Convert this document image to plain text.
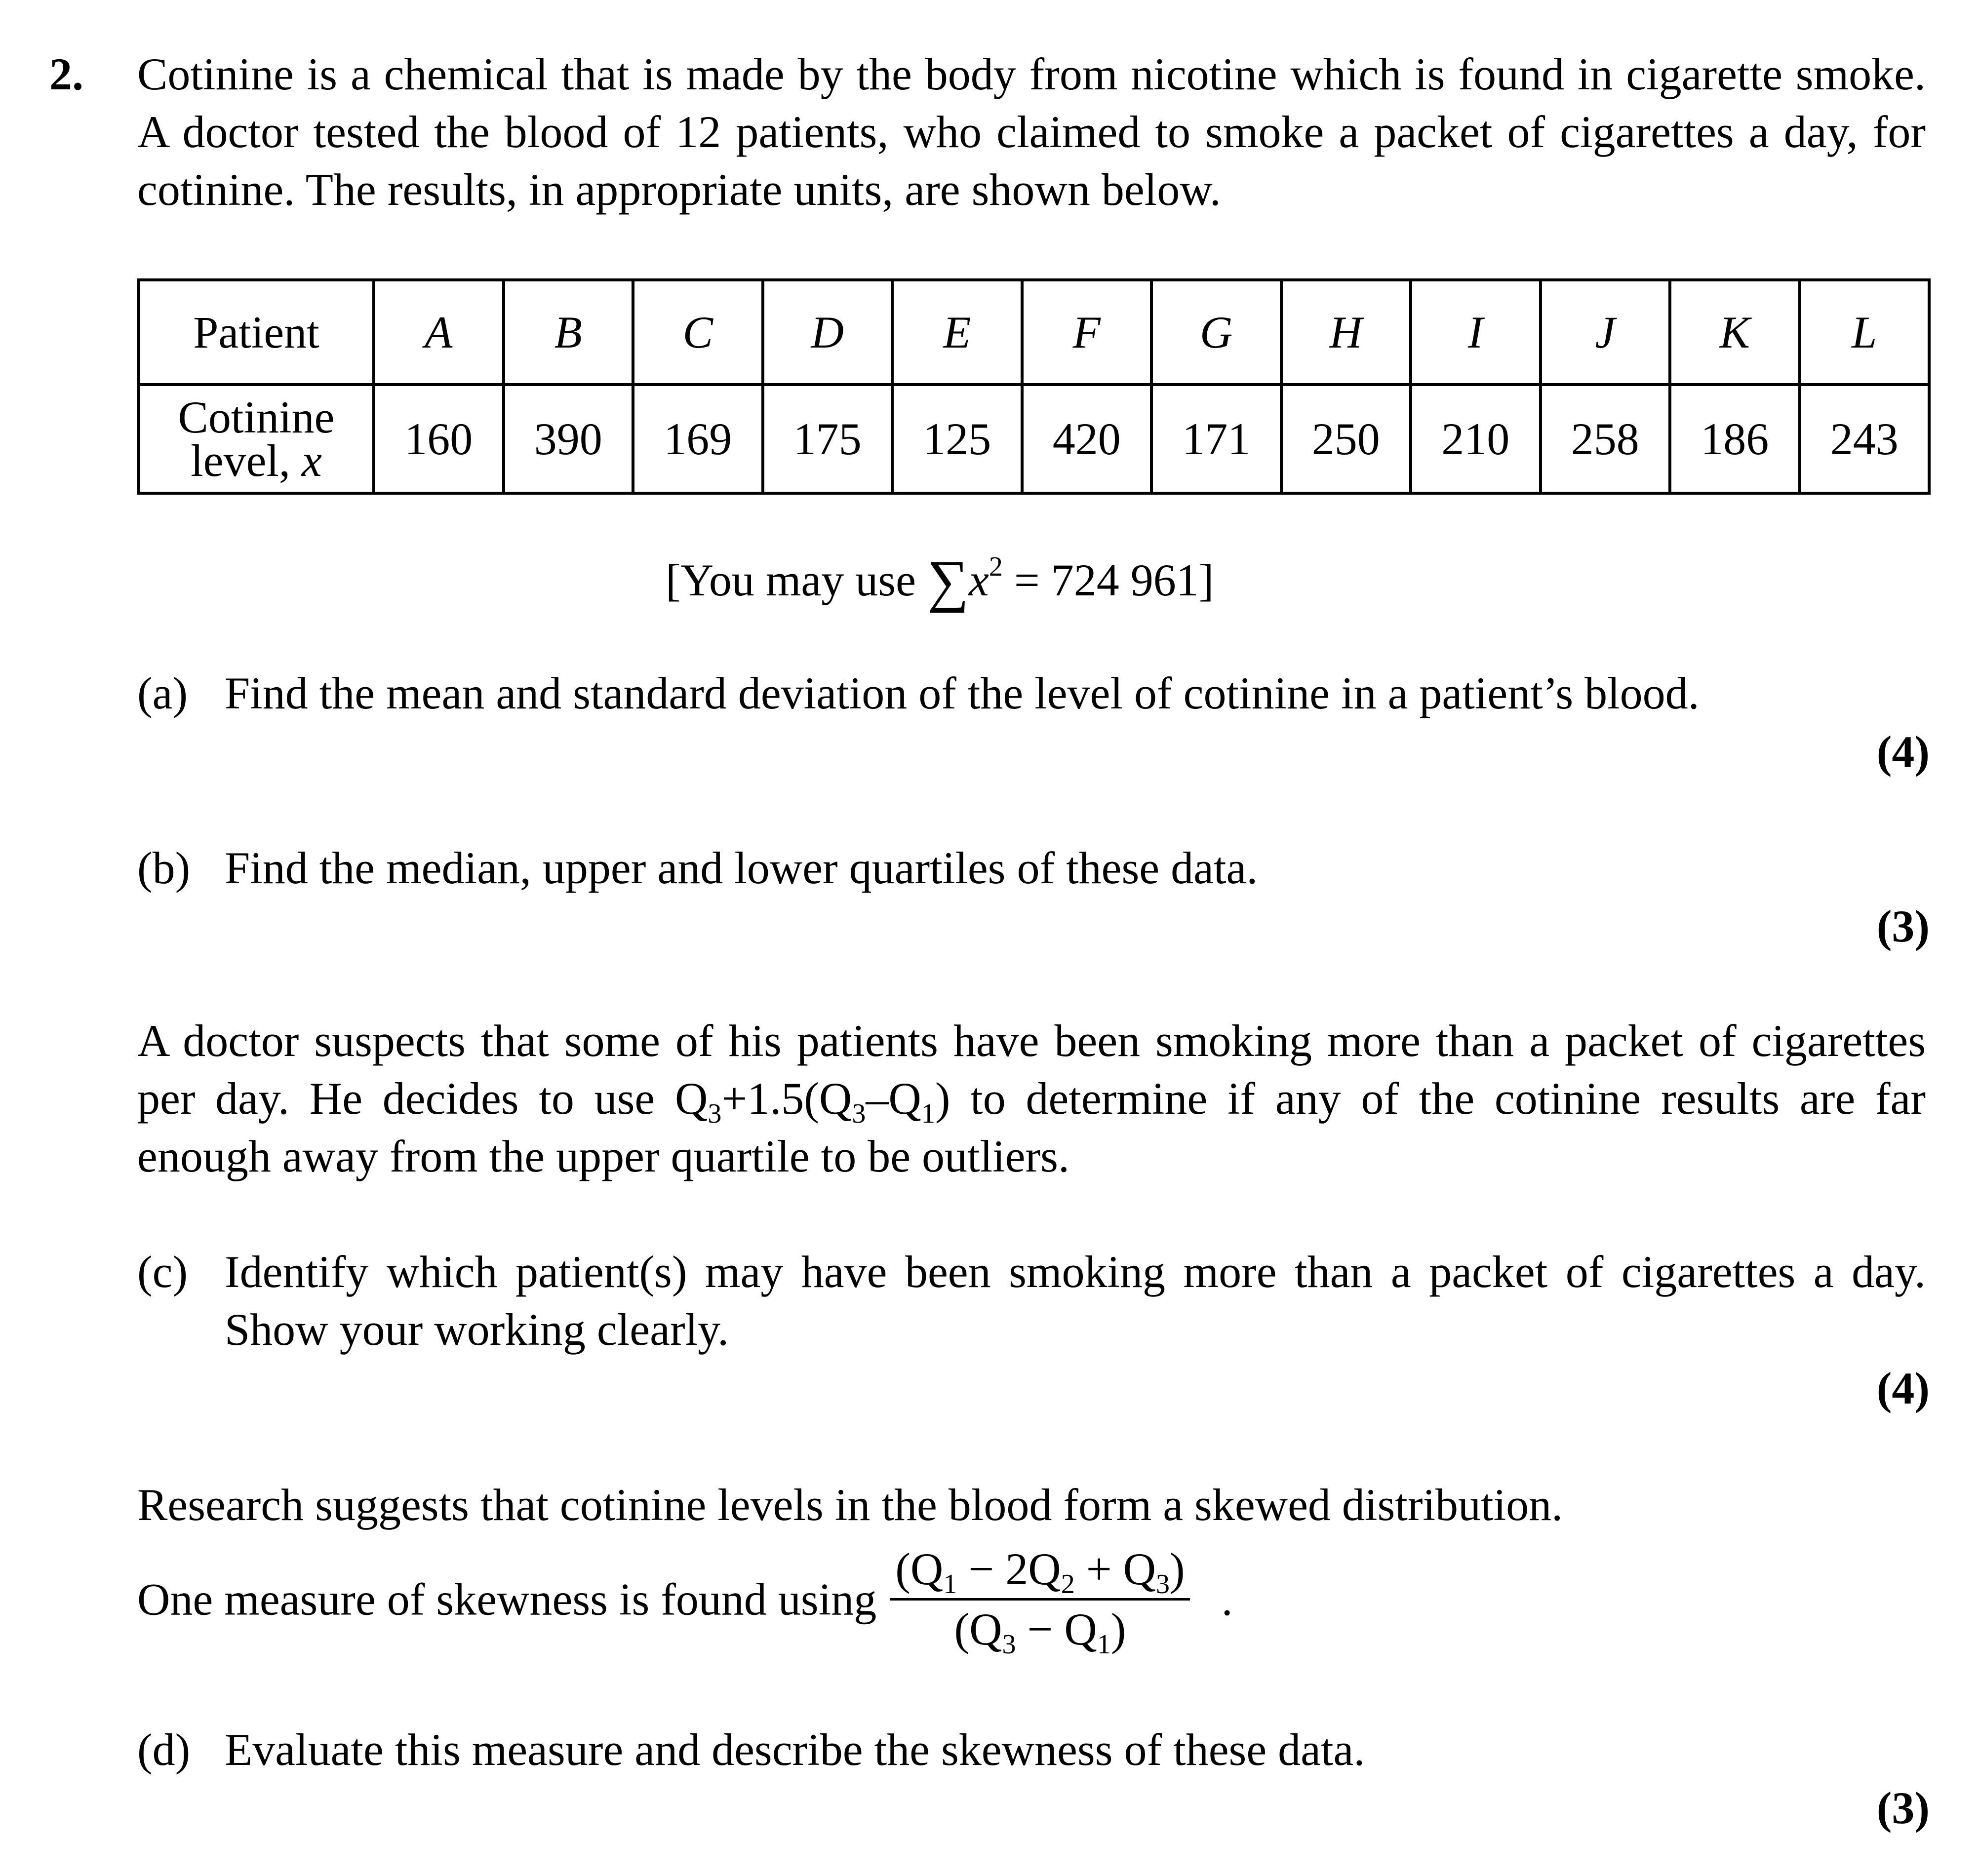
2. Cotinine is a chemical that is made by the body from nicotine which is found in cigarette smoke. A doctor tested the blood of 12 patients, who claimed to smoke a packet of cigarettes a day, for cotinine. The results, in appropriate units, are shown below.
Patient	A	B	C	D	E	F	G	H	I	J	K	L

Cotinine
level, x	160	390	169	175	125	420	171	250	210	258	186	243
[You may use $\sum x^2 = 724$ 961]
(a) Find the mean and standard deviation of the level of cotinine in a patient’s blood.
(4)
(b) Find the median, upper and lower quartiles of these data.
(3)
A doctor suspects that some of his patients have been smoking more than a packet of cigarettes per day. He decides to use $Q_3+1.5(Q_3-Q_1)$ to determine if any of the cotinine results are far enough away from the upper quartile to be outliers.
(c) Identify which patient(s) may have been smoking more than a packet of cigarettes a day. Show your working clearly.
(4)
Research suggests that cotinine levels in the blood form a skewed distribution.
One measure of skewness is found using
$(Q_1 - 2Q_2 + Q_3)$
$(Q_3 - Q_1)$
.
(d) Evaluate this measure and describe the skewness of these data.
(3)
